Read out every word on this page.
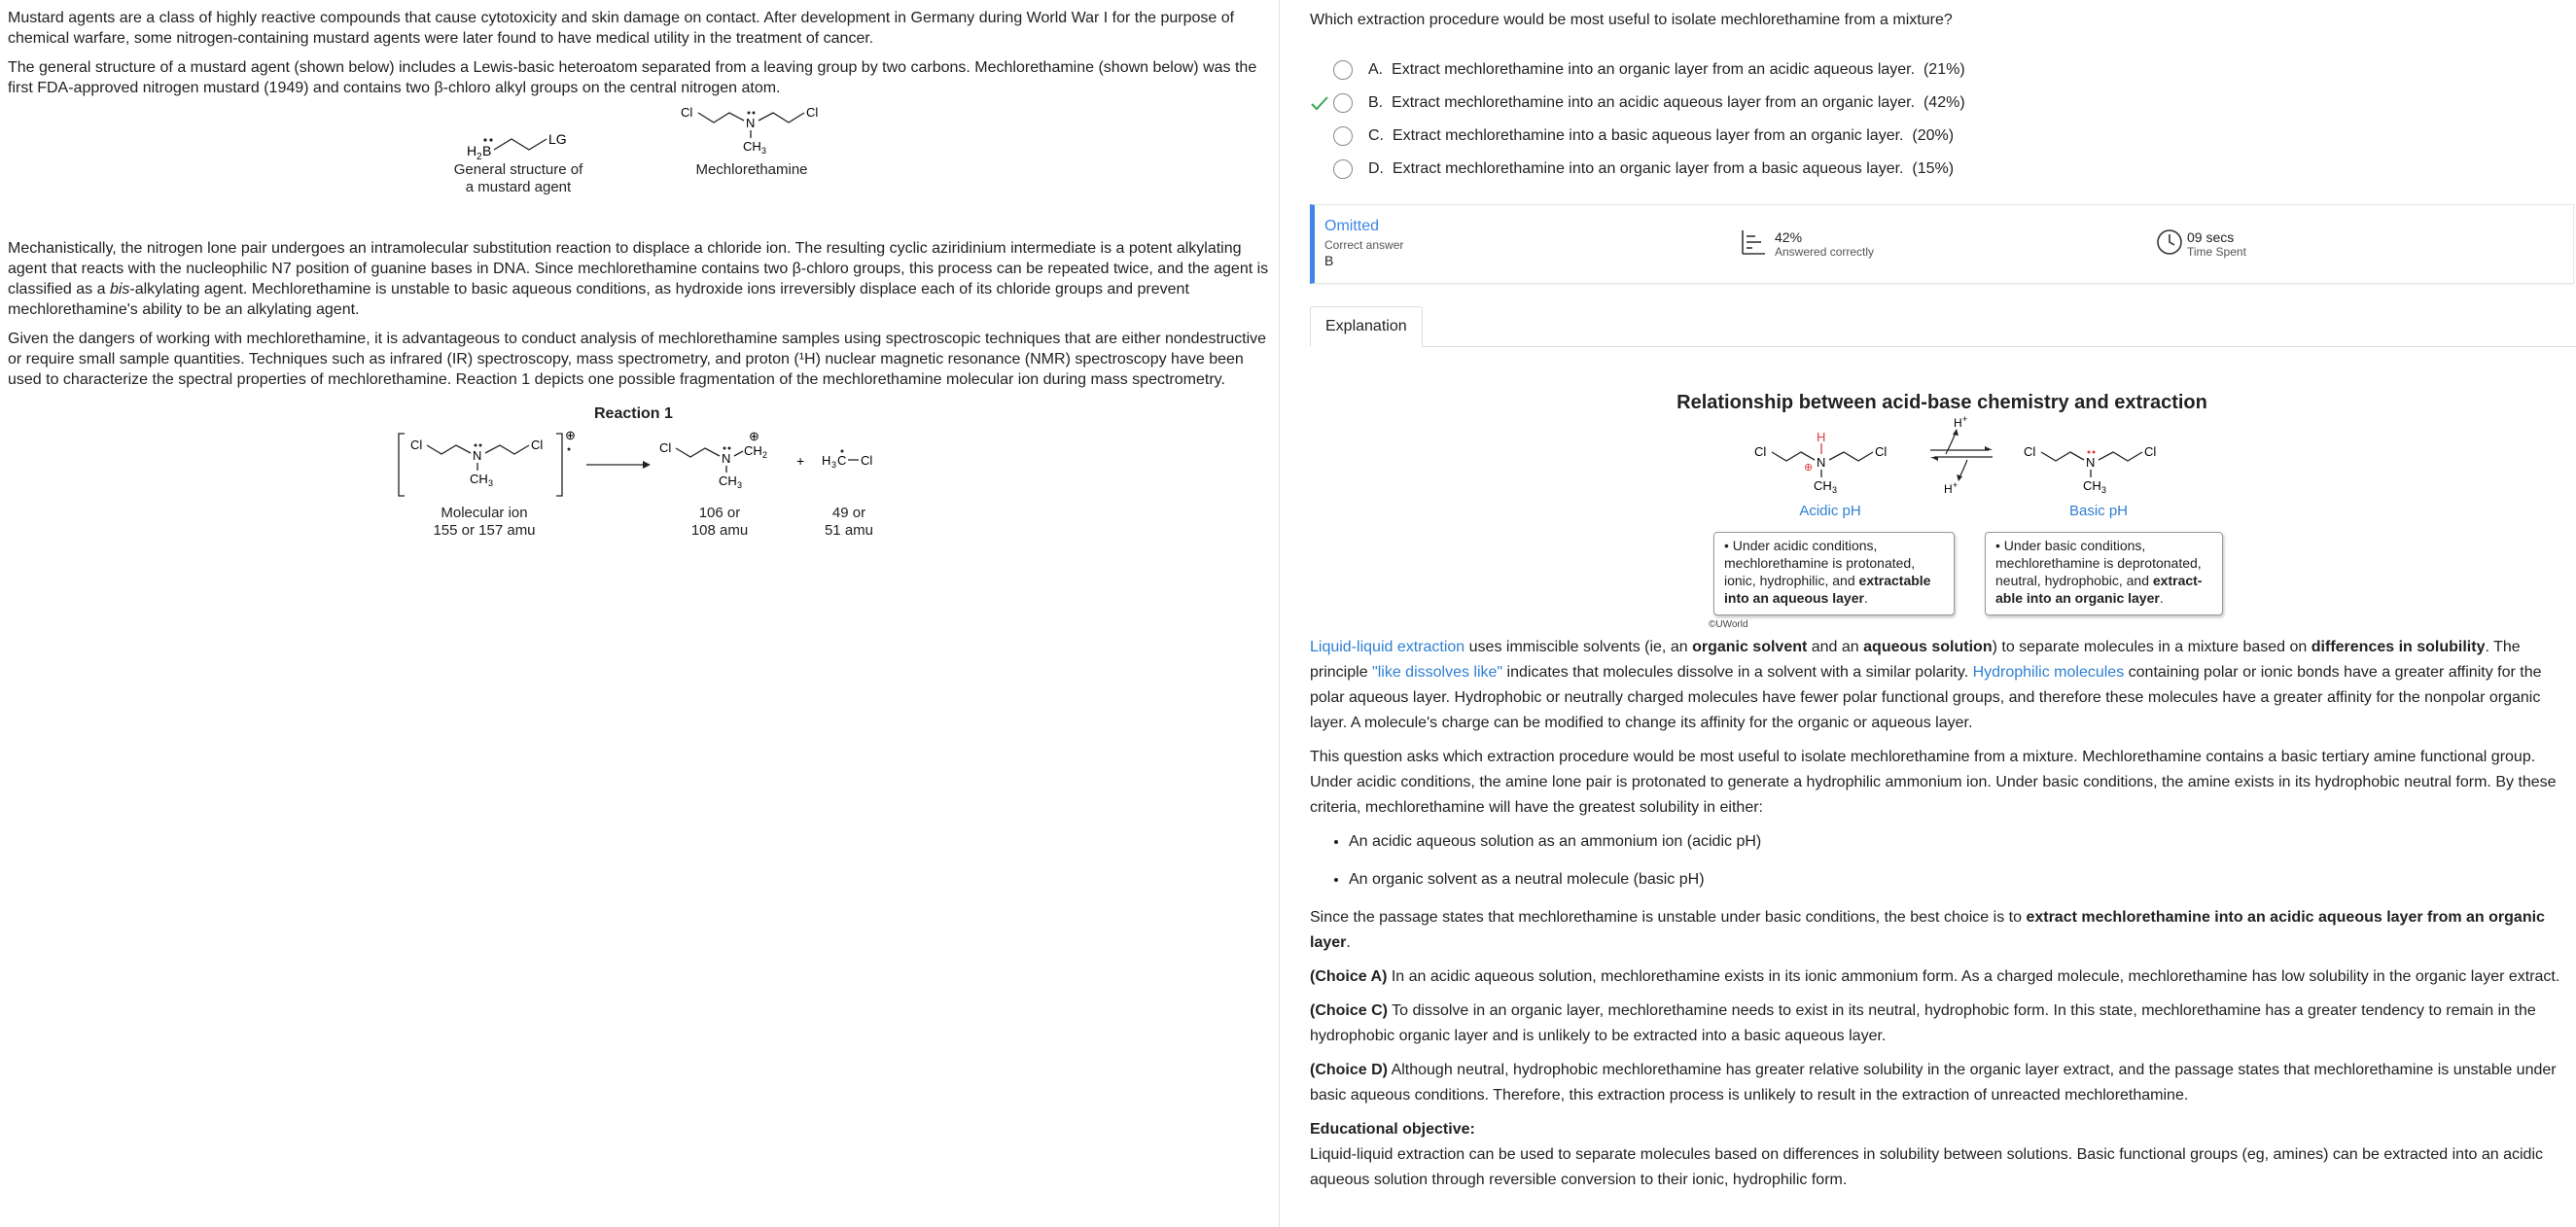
Mustard agents are a class of highly reactive compounds that cause cytotoxicity and skin damage on contact. After development in Germany during World War I for the purpose of chemical warfare, some nitrogen-containing mustard agents were later found to have medical utility in the treatment of cancer.

The general structure of a mustard agent (shown below) includes a Lewis-basic heteroatom separated from a leaving group by two carbons. Mechlorethamine (shown below) was the first FDA-approved nitrogen mustard (1949) and contains two β-chloro alkyl groups on the central nitrogen atom.

H 2 B
LG
General structure of
a mustard agent
Cl
N
Cl
CH 3
Mechlorethamine

Mechanistically, the nitrogen lone pair undergoes an intramolecular substitution reaction to displace a chloride ion. The resulting cyclic aziridinium intermediate is a potent alkylating agent that reacts with the nucleophilic N7 position of guanine bases in DNA. Since mechlorethamine contains two β-chloro groups, this process can be repeated twice, and the agent is classified as a bis-alkylating agent. Mechlorethamine is unstable to basic aqueous conditions, as hydroxide ions irreversibly displace each of its chloride groups and prevent mechlorethamine's ability to be an alkylating agent.

Given the dangers of working with mechlorethamine, it is advantageous to conduct analysis of mechlorethamine samples using spectroscopic techniques that are either nondestructive or require small sample quantities. Techniques such as infrared (IR) spectroscopy, mass spectrometry, and proton (¹H) nuclear magnetic resonance (NMR) spectroscopy have been used to characterize the spectral properties of mechlorethamine. Reaction 1 depicts one possible fragmentation of the mechlorethamine molecular ion during mass spectrometry.

Reaction 1
Cl
N
Cl
CH 3
⊕
Cl
N
CH 2
⊕
CH 3
+ H 3 C Cl
Molecular ion
155 or 157 amu
106 or
108 amu
49 or
51 amu

Which extraction procedure would be most useful to isolate mechlorethamine from a mixture?

A.
Extract mechlorethamine into an organic layer from an acidic aqueous layer.
(21%)
B.
Extract mechlorethamine into an acidic aqueous layer from an organic layer.
(42%)
C.
Extract mechlorethamine into a basic aqueous layer from an organic layer.
(20%)
D.
Extract mechlorethamine into an organic layer from a basic aqueous layer.
(15%)
Omitted
Correct answer
B
42%
Answered correctly
09 secs
Time Spent
Explanation
Relationship between acid-base chemistry and extraction
Cl
N
H
⊕
Cl
CH 3
H +
H +
Cl
N
Cl
CH 3
Acidic pH	Basic pH
• Under acidic conditions, mechlorethamine is protonated, ionic, hydrophilic, and extractable into an aqueous layer.
• Under basic conditions, mechlorethamine is deprotonated, neutral, hydrophobic, and extract-able into an organic layer.
©UWorld

Liquid-liquid extraction uses immiscible solvents (ie, an organic solvent and an aqueous solution) to separate molecules in a mixture based on differences in solubility. The principle "like dissolves like" indicates that molecules dissolve in a solvent with a similar polarity. Hydrophilic molecules containing polar or ionic bonds have a greater affinity for the polar aqueous layer. Hydrophobic or neutrally charged molecules have fewer polar functional groups, and therefore these molecules have a greater affinity for the nonpolar organic layer. A molecule's charge can be modified to change its affinity for the organic or aqueous layer.

This question asks which extraction procedure would be most useful to isolate mechlorethamine from a mixture. Mechlorethamine contains a basic tertiary amine functional group. Under acidic conditions, the amine lone pair is protonated to generate a hydrophilic ammonium ion. Under basic conditions, the amine exists in its hydrophobic neutral form. By these criteria, mechlorethamine will have the greatest solubility in either:

• An acidic aqueous solution as an ammonium ion (acidic pH)
• An organic solvent as a neutral molecule (basic pH)

Since the passage states that mechlorethamine is unstable under basic conditions, the best choice is to extract mechlorethamine into an acidic aqueous layer from an organic layer.

(Choice A) In an acidic aqueous solution, mechlorethamine exists in its ionic ammonium form. As a charged molecule, mechlorethamine has low solubility in the organic layer extract.

(Choice C) To dissolve in an organic layer, mechlorethamine needs to exist in its neutral, hydrophobic form. In this state, mechlorethamine has a greater tendency to remain in the hydrophobic organic layer and is unlikely to be extracted into a basic aqueous layer.

(Choice D) Although neutral, hydrophobic mechlorethamine has greater relative solubility in the organic layer extract, and the passage states that mechlorethamine is unstable under basic aqueous conditions. Therefore, this extraction process is unlikely to result in the extraction of unreacted mechlorethamine.

Educational objective:

Liquid-liquid extraction can be used to separate molecules based on differences in solubility between solutions. Basic functional groups (eg, amines) can be extracted into an acidic aqueous solution through reversible conversion to their ionic, hydrophilic form.
